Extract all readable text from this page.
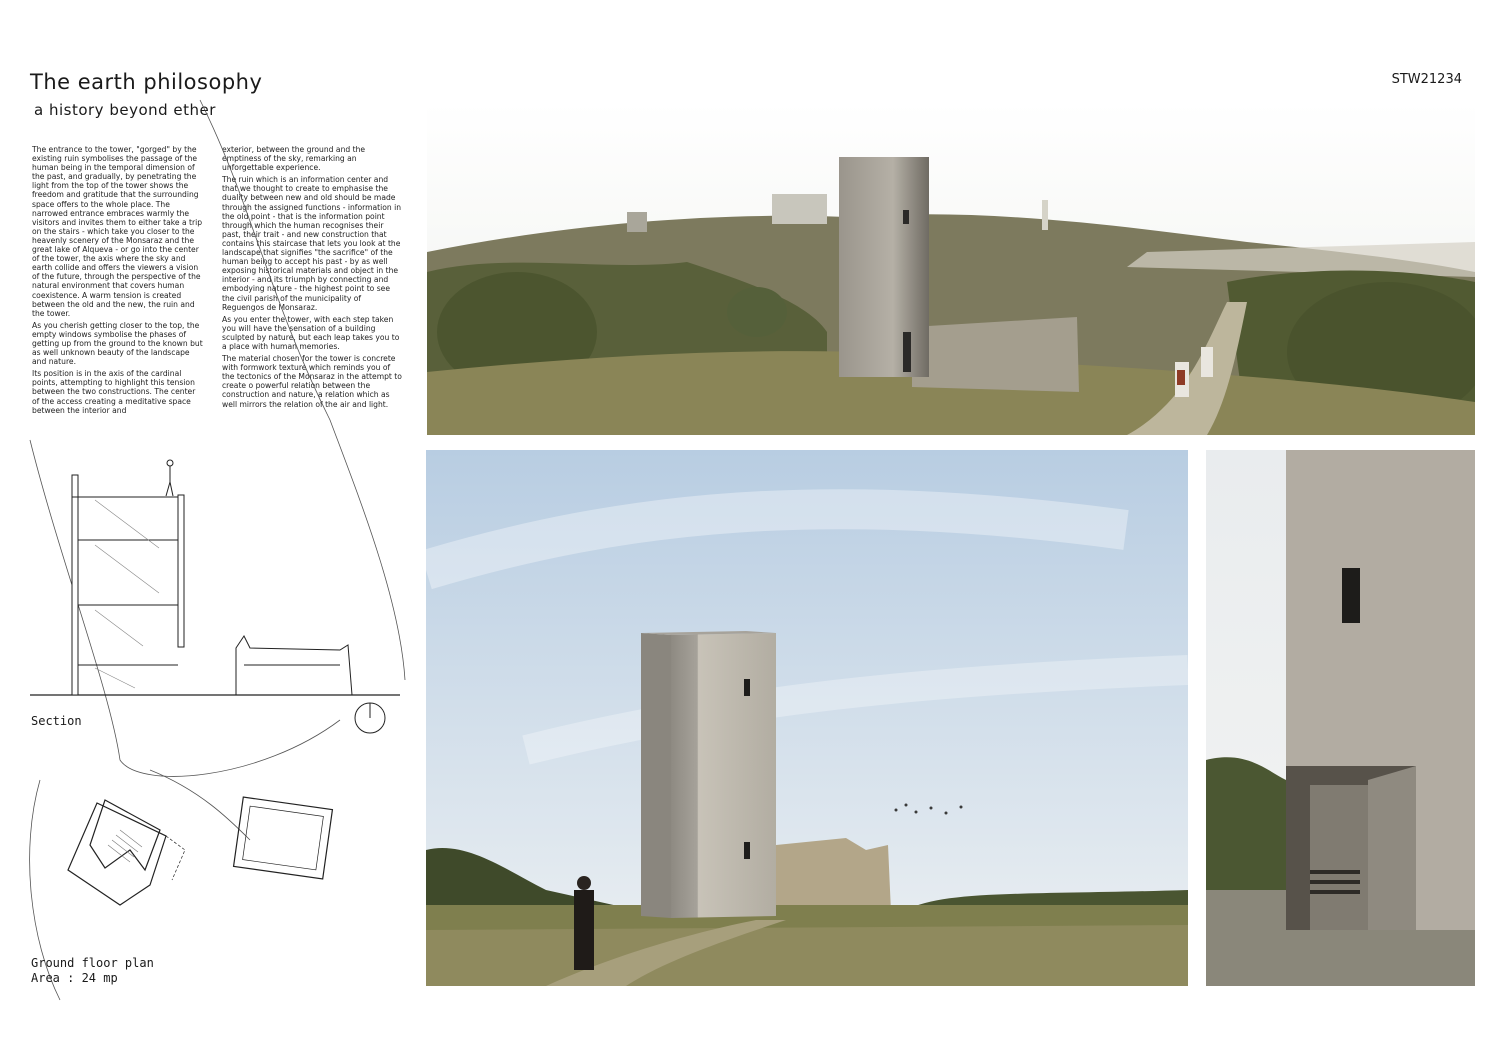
The earth philosophy
a history beyond ether
STW21234

The entrance to the tower, "gorged" by the existing ruin symbolises the passage of the human being in the temporal dimension of the past, and gradually, by penetrating the light from the top of the tower shows the freedom and gratitude that the surrounding space offers to the whole place. The narrowed entrance embraces warmly the visitors and invites them to either take a trip on the stairs - which take you closer to the heavenly scenery of the Monsaraz and the great lake of Alqueva - or go into the center of the tower, the axis where the sky and earth collide and offers the viewers a vision of the future, through the perspective of the natural environment that covers human coexistence. A warm tension is created between the old and the new, the ruin and the tower.

As you cherish getting closer to the top, the empty windows symbolise the phases of getting up from the ground to the known but as well unknown beauty of the landscape and nature.

Its position is in the axis of the cardinal points, attempting to highlight this tension between the two constructions. The center of the access creating a meditative space between the interior and

exterior, between the ground and the emptiness of the sky, remarking an unforgettable experience.

The ruin which is an information center and that we thought to create to emphasise the duality between new and old should be made through the assigned functions - information in the old point - that is the information point through which the human recognises their past, their trait - and new construction that contains this staircase that lets you look at the landscape that signifies "the sacrifice" of the human being to accept his past - by as well exposing historical materials and object in the interior - and its triumph by connecting and embodying nature - the highest point to see the civil parish of the municipality of Reguengos de Monsaraz.

As you enter the tower, with each step taken you will have the sensation of a building sculpted by nature, but each leap takes you to a place with human memories.

The material chosen for the tower is concrete with formwork texture which reminds you of the tectonics of the Monsaraz in the attempt to create o powerful relation between the construction and nature, a relation which as well mirrors the relation of the air and light.

Section
Ground floor plan
Area : 24 mp
